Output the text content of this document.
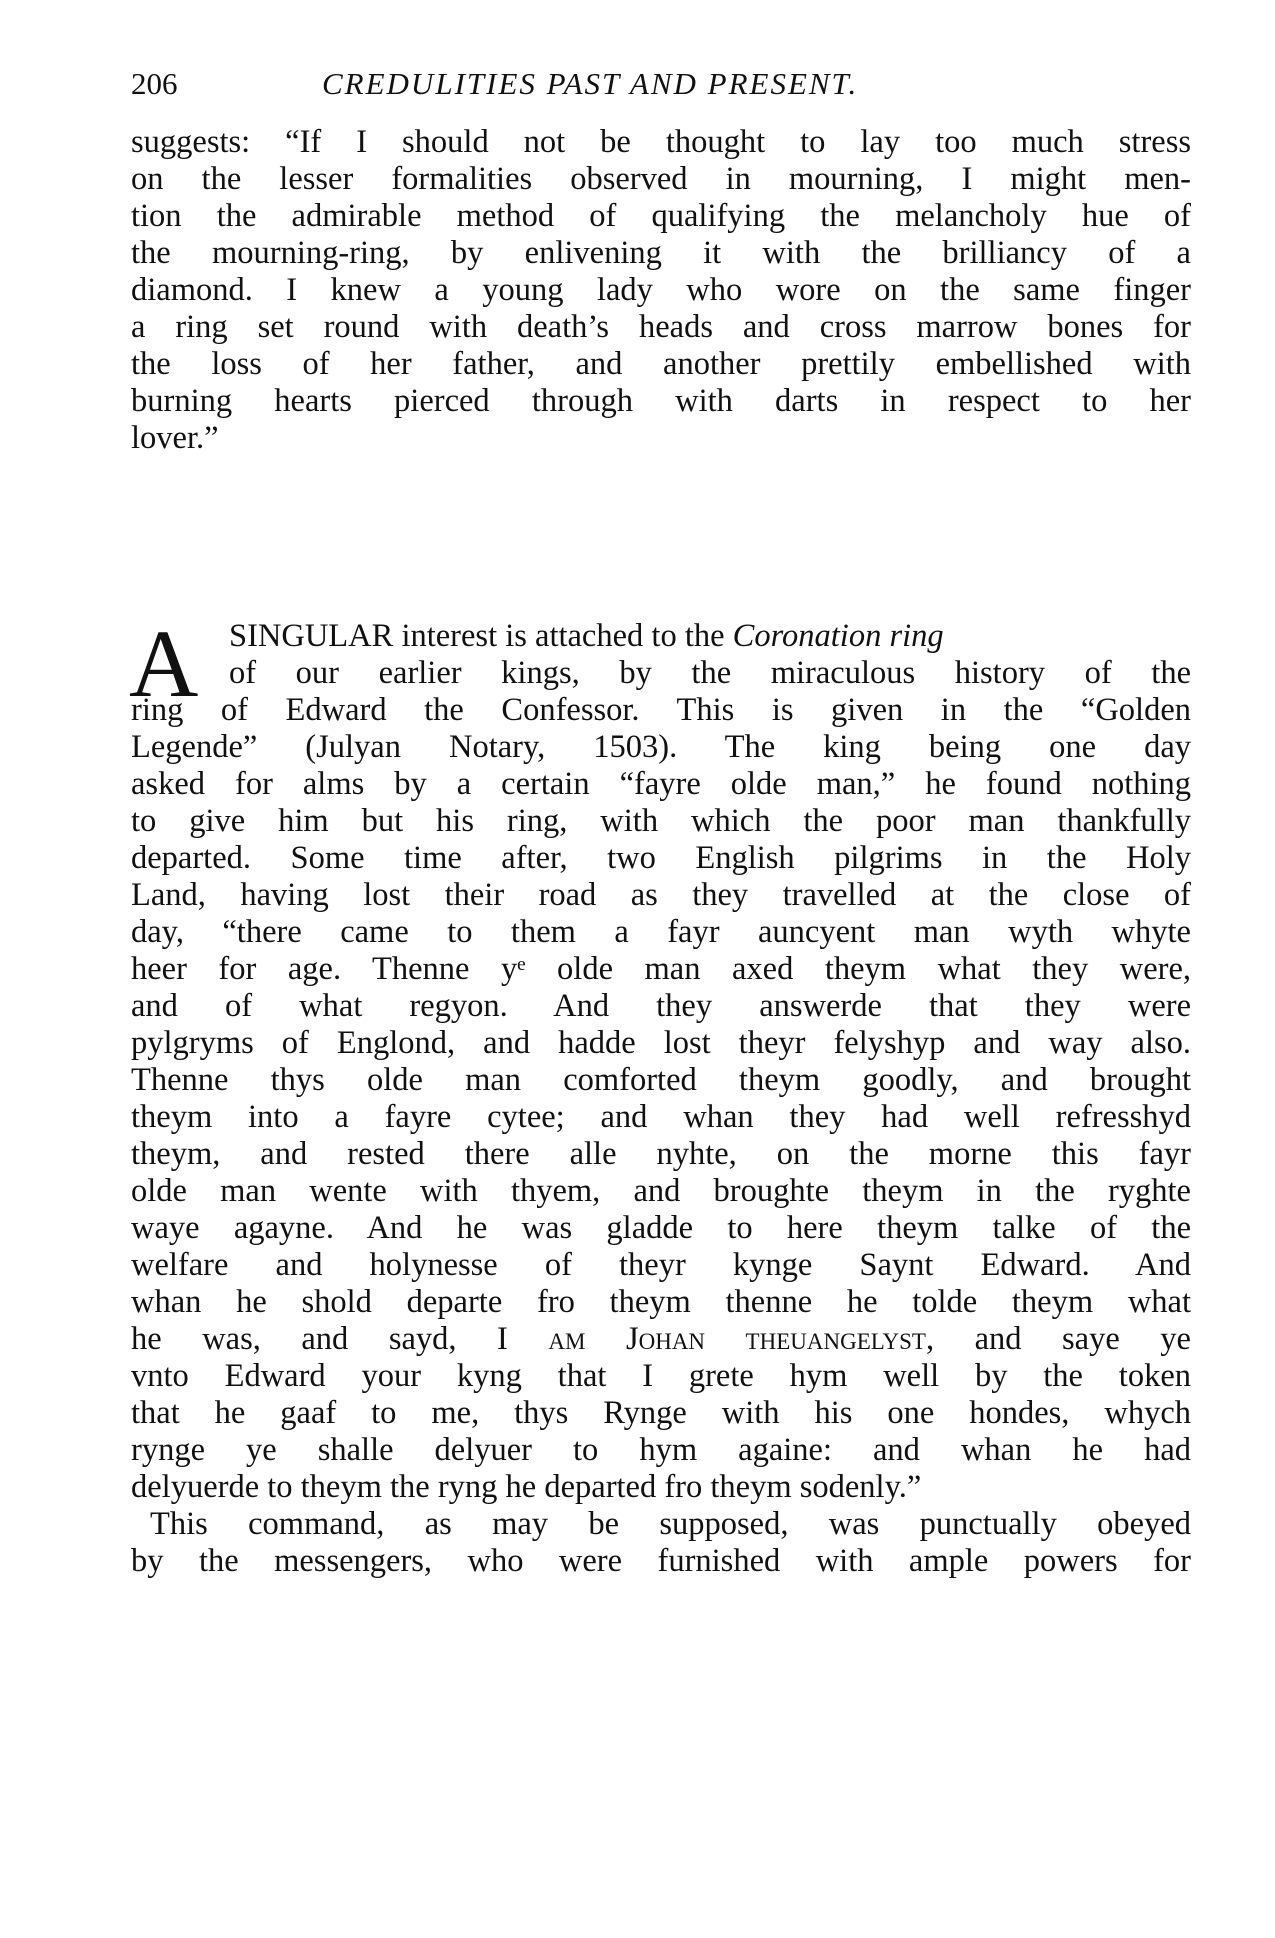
206	CREDULITIES PAST AND PRESENT.
suggests: “If I should not be thought to lay too much stress
on the lesser formalities observed in mourning, I might men-
tion the admirable method of qualifying the melancholy hue of
the mourning-ring, by enlivening it with the brilliancy of a
diamond. I knew a young lady who wore on the same finger
a ring set round with death’s heads and cross marrow bones for
the loss of her father, and another prettily embellished with
burning hearts pierced through with darts in respect to her
lover.”
A SINGULAR interest is attached to the Coronation ring
of our earlier kings, by the miraculous history of the
ring of Edward the Confessor. This is given in the “Golden
Legende” (Julyan Notary, 1503). The king being one day
asked for alms by a certain “fayre olde man,” he found nothing
to give him but his ring, with which the poor man thankfully
departed. Some time after, two English pilgrims in the Holy
Land, having lost their road as they travelled at the close of
day, “there came to them a fayr auncyent man wyth whyte
heer for age. Thenne yᵉ olde man axed theym what they were,
and of what regyon. And they answerde that they were
pylgryms of Englond, and hadde lost theyr felyshyp and way also.
Thenne thys olde man comforted theym goodly, and brought
theym into a fayre cytee; and whan they had well refresshyd
theym, and rested there alle nyhte, on the morne this fayr
olde man wente with thyem, and broughte theym in the ryghte
waye agayne. And he was gladde to here theym talke of the
welfare and holynesse of theyr kynge Saynt Edward. And
whan he shold departe fro theym thenne he tolde theym what
he was, and sayd, I am Johan theuangelyst, and saye ye
vnto Edward your kyng that I grete hym well by the token
that he gaaf to me, thys Rynge with his one hondes, whych
rynge ye shalle delyuer to hym againe: and whan he had
delyuerde to theym the ryng he departed fro theym sodenly.”
This command, as may be supposed, was punctually obeyed
by the messengers, who were furnished with ample powers for
